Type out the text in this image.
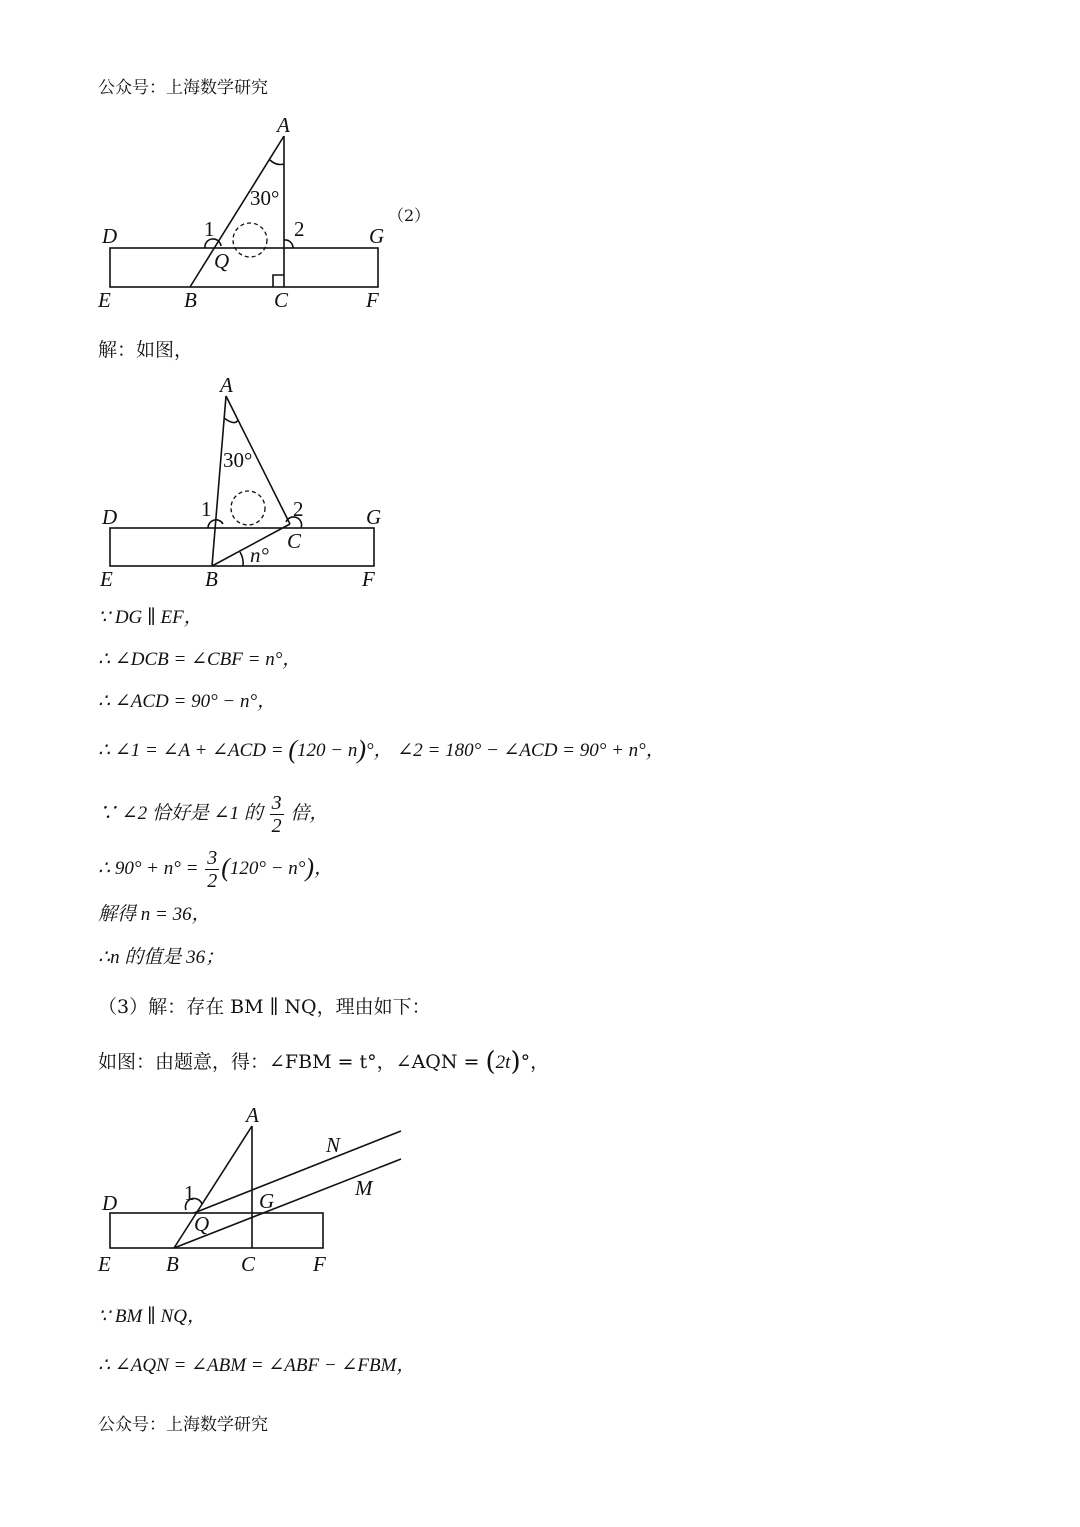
公众号：上海数学研究
A
30°
1	2
D	G
Q
E	B	C	F
（2）
解：如图，
A
30°
1	2
D	G
C
n°
E	B	F
∵ DG ∥ EF，
∴ ∠DCB = ∠CBF = n°，
∴ ∠ACD = 90° − n°，
∴ ∠1 = ∠A + ∠ACD = (120 − n)°， ∠2 = 180° − ∠ACD = 90° + n°，
∵ ∠2 恰好是 ∠1 的 $\frac{3}{2}$ 倍，
∴ $90^\circ + n^\circ = \frac{3}{2} (120^\circ - n^\circ)$，
解得 n = 36，
∴n 的值是 36；
（3）解：存在 BM ∥ NQ，理由如下：
如图：由题意，得：∠FBM = t°，∠AQN = (2t)°，
A
N
M
1
D	G
Q
E	B	C	F
∵ BM ∥ NQ，
∴ ∠AQN = ∠ABM = ∠ABF − ∠FBM，
公众号：上海数学研究
